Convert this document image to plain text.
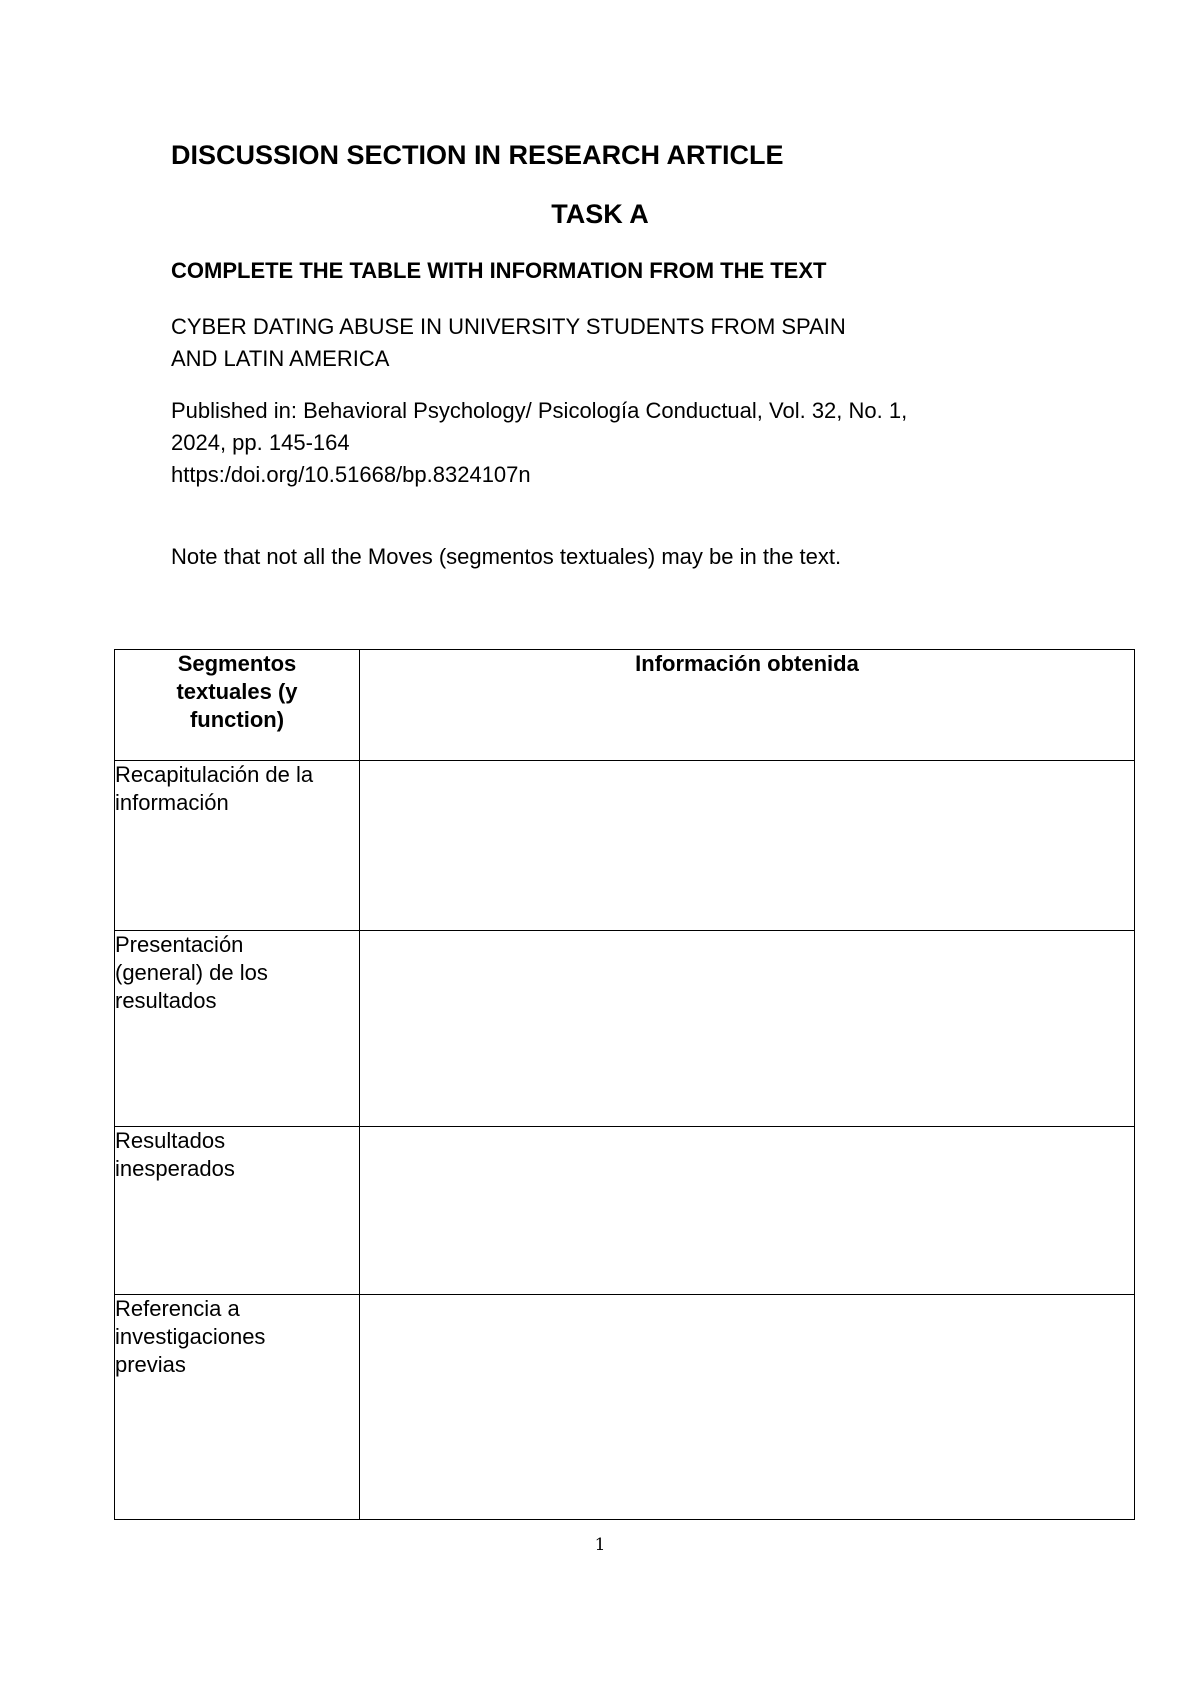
DISCUSSION SECTION IN RESEARCH ARTICLE
TASK A
COMPLETE THE TABLE WITH INFORMATION FROM THE TEXT
CYBER DATING ABUSE IN UNIVERSITY STUDENTS FROM SPAIN
AND LATIN AMERICA
Published in: Behavioral Psychology/ Psicología Conductual, Vol. 32, No. 1,
2024, pp. 145-164
https:/doi.org/10.51668/bp.8324107n
Note that not all the Moves (segmentos textuales) may be in the text.
Segmentos
textuales (y
function)	Información obtenida

Recapitulación de la
información	

Presentación
(general) de los
resultados	

Resultados
inesperados	

Referencia a
investigaciones
previas	

1
